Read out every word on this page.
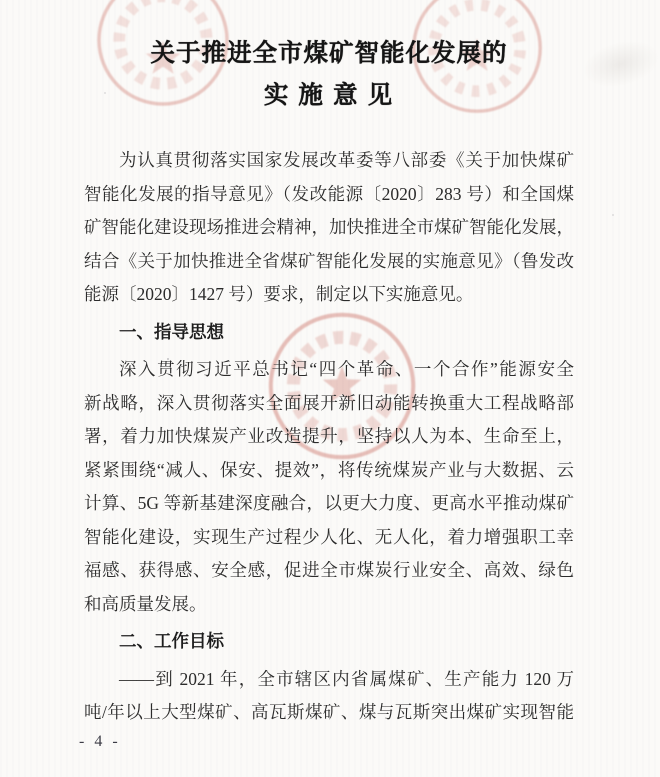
关于推进全市煤矿智能化发展的
实 施 意 见
为认真贯彻落实国家发展改革委等八部委《关于加快煤矿
智能化发展的指导意见》（发改能源〔2020〕283 号）和全国煤
矿智能化建设现场推进会精神，加快推进全市煤矿智能化发展，
结合《关于加快推进全省煤矿智能化发展的实施意见》（鲁发改
能源〔2020〕1427 号）要求，制定以下实施意见。
一、指导思想
深入贯彻习近平总书记“四个革命、一个合作”能源安全
新战略，深入贯彻落实全面展开新旧动能转换重大工程战略部
署，着力加快煤炭产业改造提升，坚持以人为本、生命至上，
紧紧围绕“减人、保安、提效”，将传统煤炭产业与大数据、云
计算、5G 等新基建深度融合，以更大力度、更高水平推动煤矿
智能化建设，实现生产过程少人化、无人化，着力增强职工幸
福感、获得感、安全感，促进全市煤炭行业安全、高效、绿色
和高质量发展。
二、工作目标
——到 2021 年，全市辖区内省属煤矿、生产能力 120 万
吨/年以上大型煤矿、高瓦斯煤矿、煤与瓦斯突出煤矿实现智能
- 4 -
